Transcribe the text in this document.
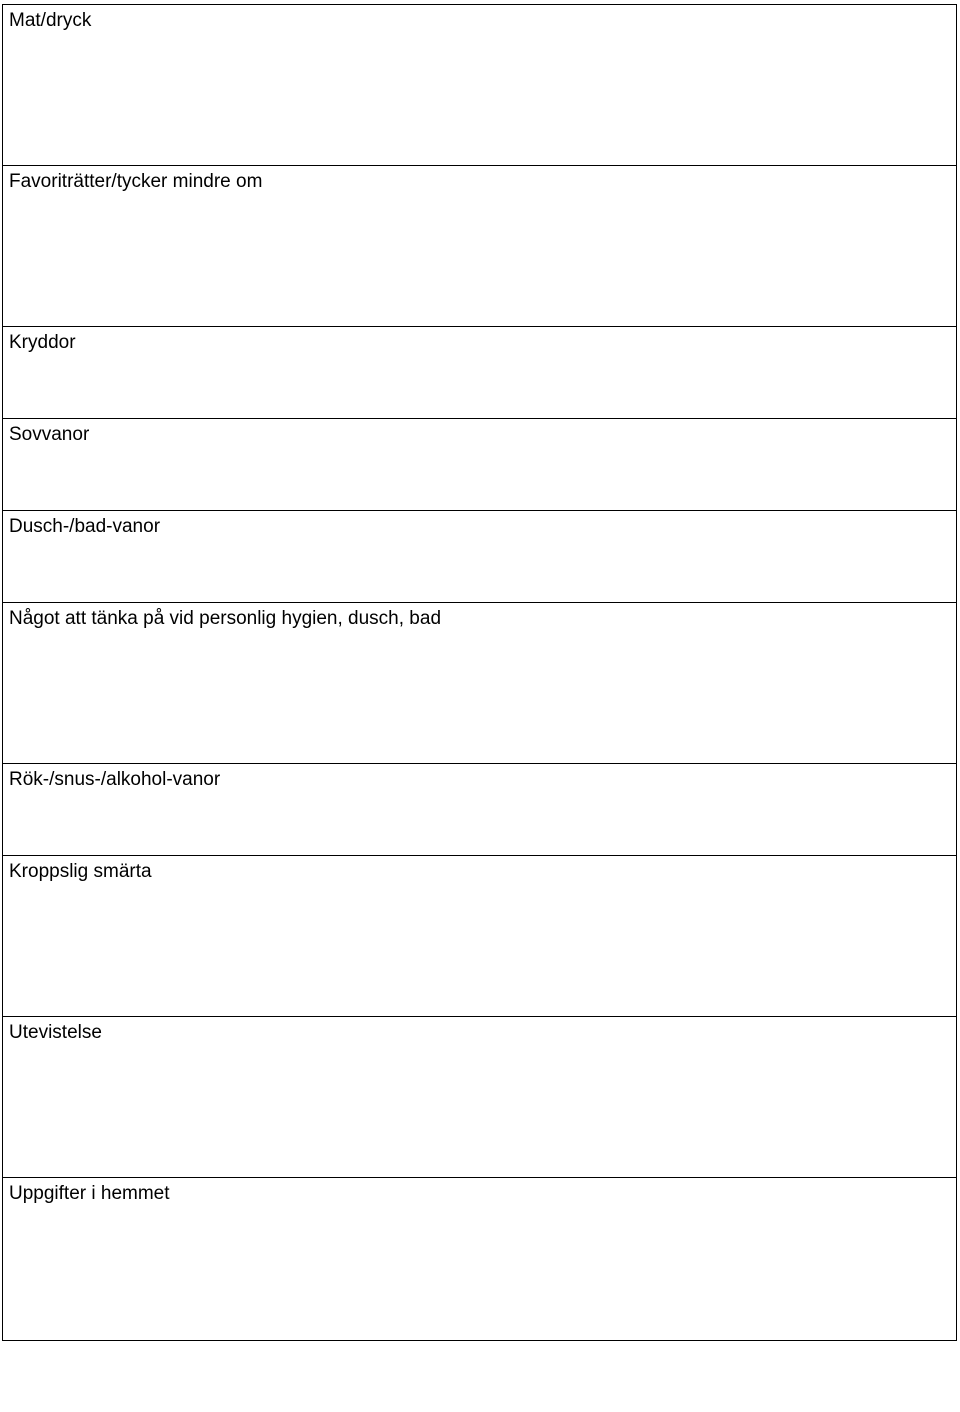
Mat/dryck
Favoriträtter/tycker mindre om
Kryddor
Sovvanor
Dusch-/bad-vanor
Något att tänka på vid personlig hygien, dusch, bad
Rök-/snus-/alkohol-vanor
Kroppslig smärta
Utevistelse
Uppgifter i hemmet
